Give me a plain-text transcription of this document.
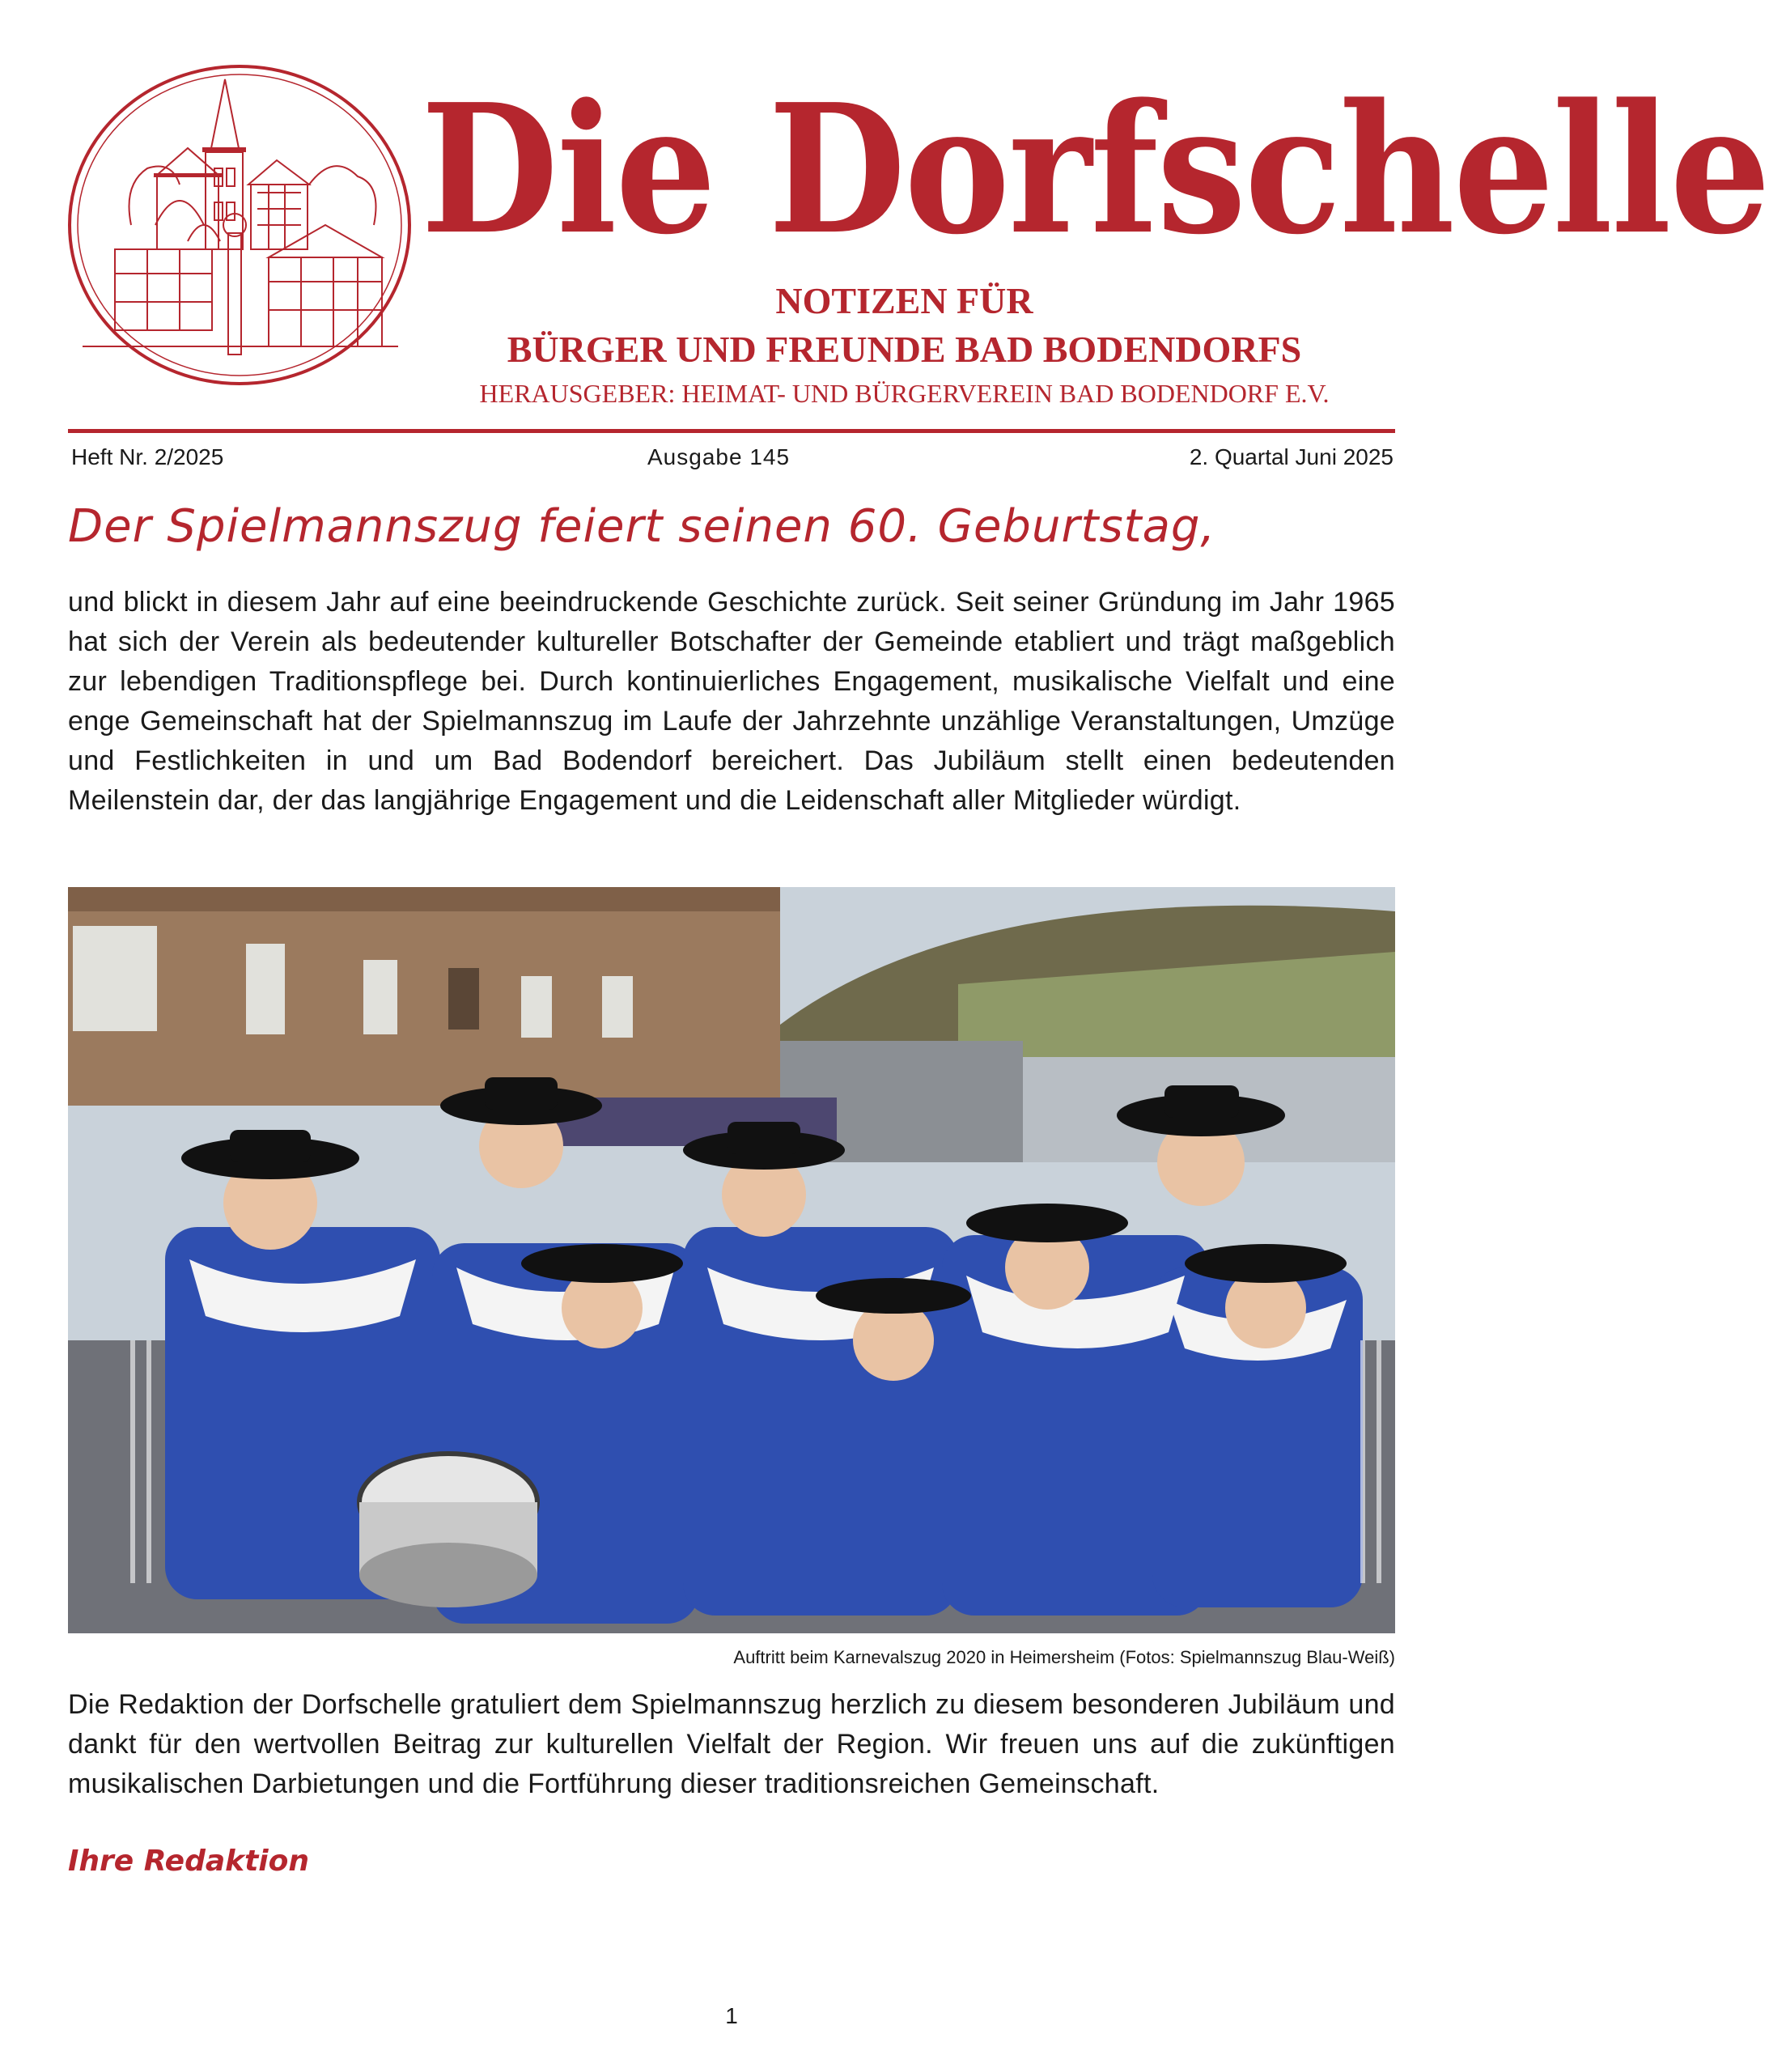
Die Dorfschelle

NOTIZEN FÜR

BÜRGER UND FREUNDE BAD BODENDORFS

HERAUSGEBER: HEIMAT- UND BÜRGERVEREIN BAD BODENDORF E.V.

Heft Nr. 2/2025	Ausgabe 145	2. Quartal Juni 2025
Der Spielmannszug feiert seinen 60. Geburtstag,

und blickt in diesem Jahr auf eine beeindruckende Geschichte zurück. Seit seiner Gründung im Jahr 1965 hat sich der Verein als bedeutender kultureller Botschafter der Gemeinde etabliert und trägt maßgeblich zur lebendigen Traditionspflege bei. Durch kontinuierliches Engagement, musikalische Vielfalt und eine enge Gemeinschaft hat der Spielmannszug im Laufe der Jahrzehnte unzählige Veranstaltungen, Umzüge und Festlichkeiten in und um Bad Bodendorf bereichert. Das Jubiläum stellt einen bedeutenden Meilenstein dar, der das langjährige Engagement und die Leidenschaft aller Mitglieder würdigt.

Auftritt beim Karnevalszug 2020 in Heimersheim (Fotos: Spielmannszug Blau-Weiß)

Die Redaktion der Dorfschelle gratuliert dem Spielmannszug herzlich zu diesem besonderen Jubiläum und dankt für den wertvollen Beitrag zur kulturellen Vielfalt der Region. Wir freuen uns auf die zukünftigen musikalischen Darbietungen und die Fortführung dieser traditionsreichen Gemeinschaft.

Ihre Redaktion
1
